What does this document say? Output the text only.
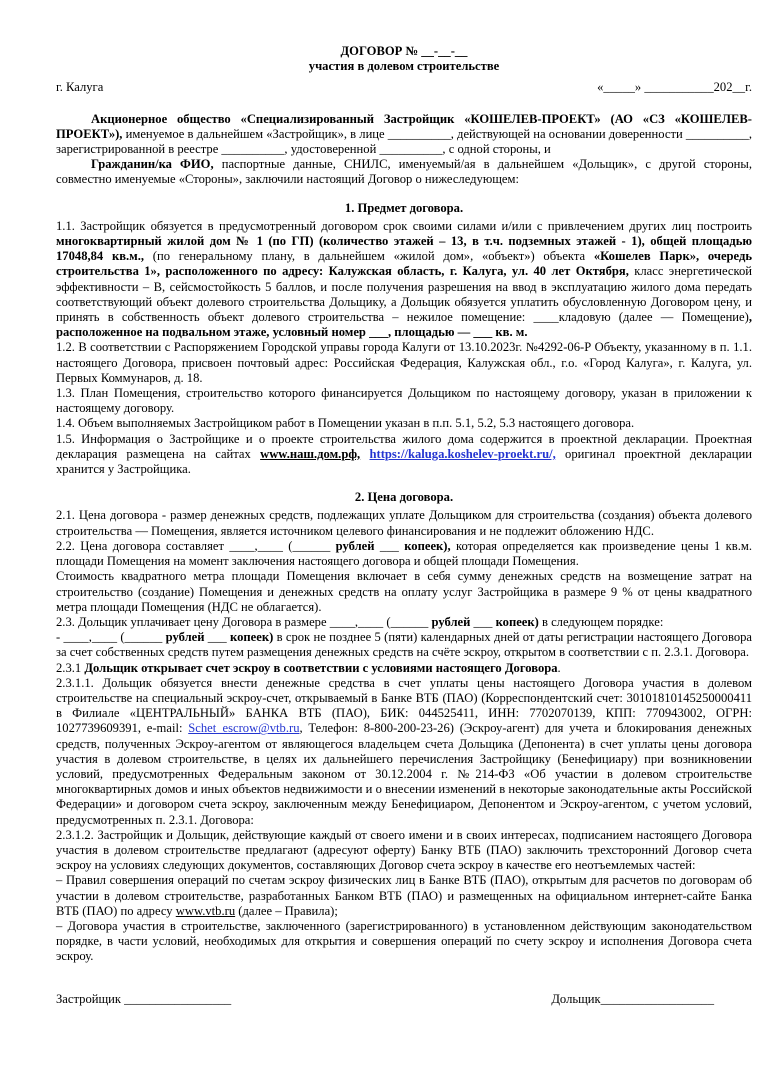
ДОГОВОР № __-__-__
участия в долевом строительстве
г. Калуга	«_____» ___________202__г.

Акционерное общество «Специализированный Застройщик «КОШЕЛЕВ-ПРОЕКТ» (АО «СЗ «КОШЕЛЕВ-ПРОЕКТ»), именуемое в дальнейшем «Застройщик», в лице __________, действующей на основании доверенности __________, зарегистрированной в реестре __________, удостоверенной __________, с одной стороны, и

Гражданин/ка ФИО, паспортные данные, СНИЛС, именуемый/ая в дальнейшем «Дольщик», с другой стороны, совместно именуемые «Стороны», заключили настоящий Договор о нижеследующем:

1. Предмет договора.

1.1. Застройщик обязуется в предусмотренный договором срок своими силами и/или с привлечением других лиц построить многоквартирный жилой дом № 1 (по ГП) (количество этажей – 13, в т.ч. подземных этажей - 1), общей площадью 17048,84 кв.м., (по генеральному плану, в дальнейшем «жилой дом», «объект») объекта «Кошелев Парк», очередь строительства 1», расположенного по адресу: Калужская область, г. Калуга, ул. 40 лет Октября, класс энергетической эффективности – В, сейсмостойкость 5 баллов, и после получения разрешения на ввод в эксплуатацию жилого дома передать соответствующий объект долевого строительства Дольщику, а Дольщик обязуется уплатить обусловленную Договором цену, и принять в собственность объект долевого строительства – нежилое помещение: ____кладовую (далее — Помещение), расположенное на подвальном этаже, условный номер ___, площадью — ___ кв. м.

1.2. В соответствии с Распоряжением Городской управы города Калуги от 13.10.2023г. №4292-06-Р Объекту, указанному в п. 1.1. настоящего Договора, присвоен почтовый адрес: Российская Федерация, Калужская обл., г.о. «Город Калуга», г. Калуга, ул. Первых Коммунаров, д. 18.

1.3. План Помещения, строительство которого финансируется Дольщиком по настоящему договору, указан в приложении к настоящему договору.

1.4. Объем выполняемых Застройщиком работ в Помещении указан в п.п. 5.1, 5.2, 5.3 настоящего договора.

1.5. Информация о Застройщике и о проекте строительства жилого дома содержится в проектной декларации. Проектная декларация размещена на сайтах www.наш.дом.рф, https://kaluga.koshelev-proekt.ru/, оригинал проектной декларации хранится у Застройщика.

2. Цена договора.

2.1. Цена договора - размер денежных средств, подлежащих уплате Дольщиком для строительства (создания) объекта долевого строительства — Помещения, является источником целевого финансирования и не подлежит обложению НДС.

2.2. Цена договора составляет ____,____ (______ рублей ___ копеек), которая определяется как произведение цены 1 кв.м. площади Помещения на момент заключения настоящего договора и общей площади Помещения.

Стоимость квадратного метра площади Помещения включает в себя сумму денежных средств на возмещение затрат на строительство (создание) Помещения и денежных средств на оплату услуг Застройщика в размере 9 % от цены квадратного метра площади Помещения (НДС не облагается).

2.3. Дольщик уплачивает цену Договора в размере ____,____ (______ рублей ___ копеек) в следующем порядке:

- ____,____ (______ рублей ___ копеек) в срок не позднее 5 (пяти) календарных дней от даты регистрации настоящего Договора за счет собственных средств путем размещения денежных средств на счёте эскроу, открытом в соответствии с п. 2.3.1. Договора.

2.3.1 Дольщик открывает счет эскроу в соответствии с условиями настоящего Договора.

2.3.1.1. Дольщик обязуется внести денежные средства в счет уплаты цены настоящего Договора участия в долевом строительстве на специальный эскроу-счет, открываемый в Банке ВТБ (ПАО) (Корреспондентский счет: 30101810145250000411 в Филиале «ЦЕНТРАЛЬНЫЙ» БАНКА ВТБ (ПАО), БИК: 044525411, ИНН: 7702070139, КПП: 770943002, ОГРН: 1027739609391, e-mail: Schet_escrow@vtb.ru, Телефон: 8-800-200-23-26) (Эскроу-агент) для учета и блокирования денежных средств, полученных Эскроу-агентом от являющегося владельцем счета Дольщика (Депонента) в счет уплаты цены договора участия в долевом строительстве, в целях их дальнейшего перечисления Застройщику (Бенефициару) при возникновении условий, предусмотренных Федеральным законом от 30.12.2004 г. №214-ФЗ «Об участии в долевом строительстве многоквартирных домов и иных объектов недвижимости и о внесении изменений в некоторые законодательные акты Российской Федерации» и договором счета эскроу, заключенным между Бенефициаром, Депонентом и Эскроу-агентом, с учетом условий, предусмотренных п. 2.3.1. Договора:

2.3.1.2. Застройщик и Дольщик, действующие каждый от своего имени и в своих интересах, подписанием настоящего Договора участия в долевом строительстве предлагают (адресуют оферту) Банку ВТБ (ПАО) заключить трехсторонний Договор счета эскроу на условиях следующих документов, составляющих Договор счета эскроу в качестве его неотъемлемых частей:

– Правил совершения операций по счетам эскроу физических лиц в Банке ВТБ (ПАО), открытым для расчетов по договорам об участии в долевом строительстве, разработанных Банком ВТБ (ПАО) и размещенных на официальном интернет-сайте Банка ВТБ (ПАО) по адресу www.vtb.ru (далее – Правила);

– Договора участия в строительстве, заключенного (зарегистрированного) в установленном действующим законодательством порядке, в части условий, необходимых для открытия и совершения операций по счету эскроу и исполнения Договора счета эскроу.

Застройщик _________________	Дольщик__________________
